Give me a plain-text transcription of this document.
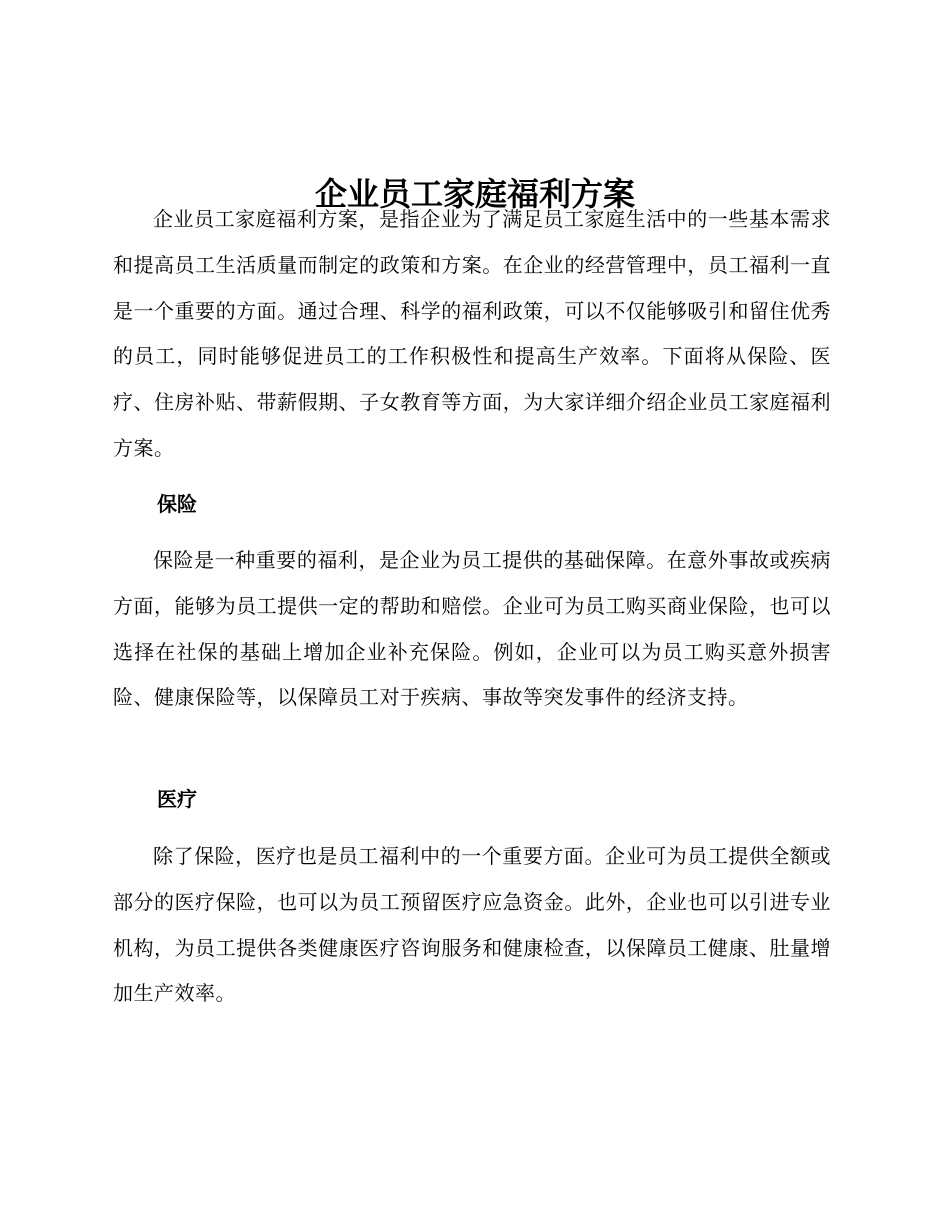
企业员工家庭福利方案

企业员工家庭福利方案，是指企业为了满足员工家庭生活中的一些基本需求和提高员工生活质量而制定的政策和方案。在企业的经营管理中，员工福利一直是一个重要的方面。通过合理、科学的福利政策，可以不仅能够吸引和留住优秀的员工，同时能够促进员工的工作积极性和提高生产效率。下面将从保险、医疗、住房补贴、带薪假期、子女教育等方面，为大家详细介绍企业员工家庭福利方案。

保险

保险是一种重要的福利，是企业为员工提供的基础保障。在意外事故或疾病方面，能够为员工提供一定的帮助和赔偿。企业可为员工购买商业保险，也可以选择在社保的基础上增加企业补充保险。例如，企业可以为员工购买意外损害险、健康保险等，以保障员工对于疾病、事故等突发事件的经济支持。

医疗

除了保险，医疗也是员工福利中的一个重要方面。企业可为员工提供全额或部分的医疗保险，也可以为员工预留医疗应急资金。此外，企业也可以引进专业机构，为员工提供各类健康医疗咨询服务和健康检查，以保障员工健康、肚量增加生产效率。
